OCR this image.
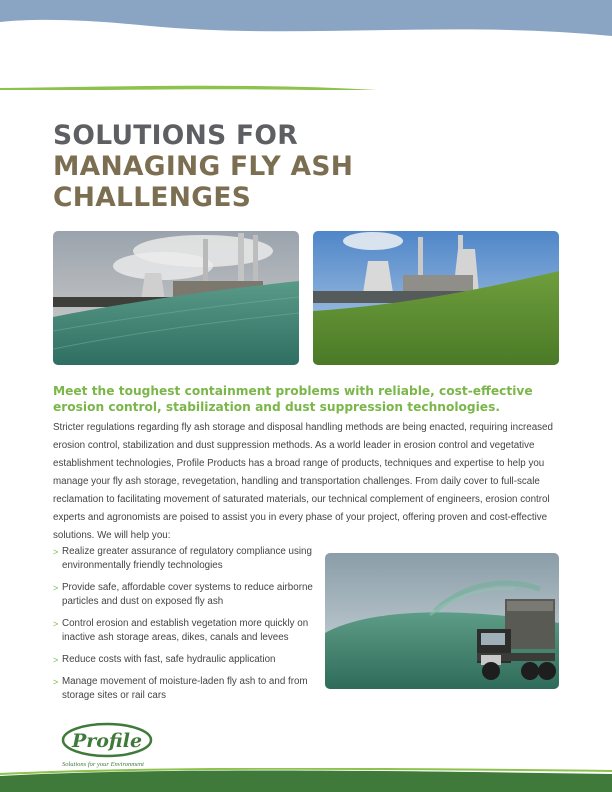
SOLUTIONS FOR
MANAGING FLY ASH
CHALLENGES

Meet the toughest containment problems with reliable, cost-effective erosion control, stabilization and dust suppression technologies.

Stricter regulations regarding fly ash storage and disposal handling methods are being enacted, requiring increased erosion control, stabilization and dust suppression methods. As a world leader in erosion control and vegetative establishment technologies, Profile Products has a broad range of products, techniques and expertise to help you manage your fly ash storage, revegetation, handling and transportation challenges. From daily cover to full-scale reclamation to facilitating movement of saturated materials, our technical complement of engineers, erosion control experts and agronomists are poised to assist you in every phase of your project, offering proven and cost-effective solutions. We will help you:

> Realize greater assurance of regulatory compliance using environmentally friendly technologies
> Provide safe, affordable cover systems to reduce airborne particles and dust on exposed fly ash
> Control erosion and establish vegetation more quickly on inactive ash storage areas, dikes, canals and levees
> Reduce costs with fast, safe hydraulic application
> Manage movement of moisture-laden fly ash to and from storage sites or rail cars
Profile
Solutions for your Environment
